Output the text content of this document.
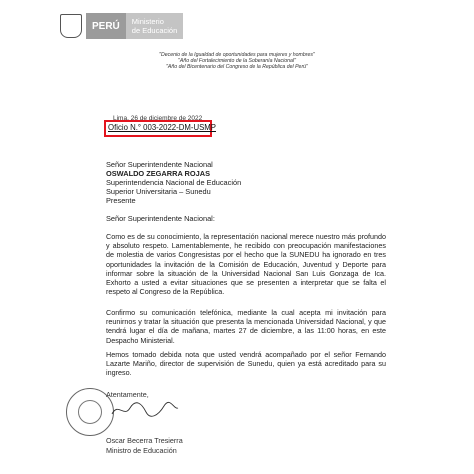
PERÚ	Ministerio
de Educación
"Decenio de la Igualdad de oportunidades para mujeres y hombres"
"Año del Fortalecimiento de la Soberanía Nacional"
"Año del Bicentenario del Congreso de la República del Perú"
Lima, 26 de diciembre de 2022
Oficio N.° 003-2022-DM-USMP
Señor Superintendente Nacional
OSWALDO ZEGARRA ROJAS
Superintendencia Nacional de Educación
Superior Universitaria – Sunedu
Presente
Señor Superintendente Nacional:
Como es de su conocimiento, la representación nacional merece nuestro más profundo y absoluto respeto. Lamentablemente, he recibido con preocupación manifestaciones de molestia de varios Congresistas por el hecho que la SUNEDU ha ignorado en tres oportunidades la invitación de la Comisión de Educación, Juventud y Deporte para informar sobre la situación de la Universidad Nacional San Luis Gonzaga de Ica. Exhorto a usted a evitar situaciones que se presenten a interpretar que se falta el respeto al Congreso de la República.
Confirmo su comunicación telefónica, mediante la cual acepta mi invitación para reunirnos y tratar la situación que presenta la mencionada Universidad Nacional, y que tendrá lugar el día de mañana, martes 27 de diciembre, a las 11:00 horas, en este Despacho Ministerial.
Hemos tomado debida nota que usted vendrá acompañado por el señor Fernando Lazarte Mariño, director de supervisión de Sunedu, quien ya está acreditado para su ingreso.
Atentamente,
Oscar Becerra Tresierra
Ministro de Educación
